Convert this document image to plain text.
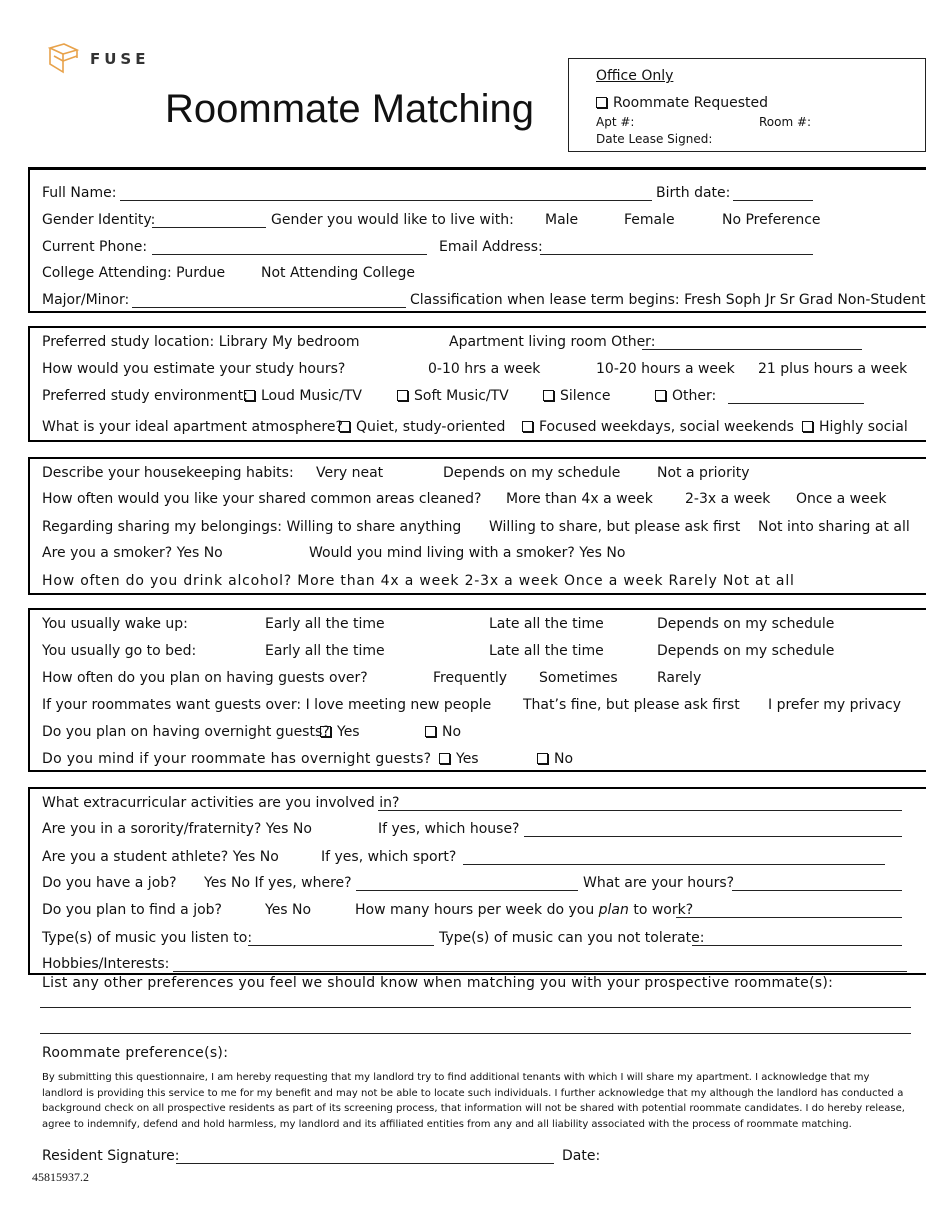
FUSE
Roommate Matching
Office Only
Roommate Requested
Apt #:	Room #:
Date Lease Signed:
Full Name:	Birth date:
Gender Identity:	Gender you would like to live with: Male	Female	No Preference
Current Phone:	Email Address:
College Attending: Purdue	Not Attending College
Major/Minor:	Classification when lease term begins: Fresh Soph Jr Sr Grad Non-Student
Preferred study location: Library My bedroom	Apartment living room Other:
How would you estimate your study hours?	0-10 hrs a week	10-20 hours a week 21 plus hours a week
Preferred study environment: Loud Music/TV	Soft Music/TV	Silence	Other:
What is your ideal apartment atmosphere? Quiet, study-oriented	Focused weekdays, social weekends	Highly social
Describe your housekeeping habits: Very neat	Depends on my schedule	Not a priority
How often would you like your shared common areas cleaned? More than 4x a week 2-3x a week Once a week
Regarding sharing my belongings: Willing to share anything Willing to share, but please ask first Not into sharing at all
Are you a smoker? Yes No	Would you mind living with a smoker? Yes No
How often do you drink alcohol? More than 4x a week 2-3x a week Once a week Rarely Not at all
You usually wake up:	Early all the time	Late all the time	Depends on my schedule
You usually go to bed:	Early all the time	Late all the time	Depends on my schedule
How often do you plan on having guests over?	Frequently Sometimes	Rarely
If your roommates want guests over: I love meeting new people That’s fine, but please ask first I prefer my privacy
Do you plan on having overnight guests? Yes	No
Do you mind if your roommate has overnight guests?	Yes	No
What extracurricular activities are you involved in?
Are you in a sorority/fraternity? Yes No	If yes, which house?
Are you a student athlete? Yes No	If yes, which sport?
Do you have a job? Yes No If yes, where?	What are your hours?
Do you plan to find a job?	Yes No	How many hours per week do you plan to work?
Type(s) of music you listen to:	Type(s) of music can you not tolerate:
Hobbies/Interests:
List any other preferences you feel we should know when matching you with your prospective roommate(s):
Roommate preference(s):
By submitting this questionnaire, I am hereby requesting that my landlord try to find additional tenants with which I will share my apartment. I acknowledge that my landlord is providing this service to me for my benefit and may not be able to locate such individuals. I further acknowledge that my although the landlord has conducted a background check on all prospective residents as part of its screening process, that information will not be shared with potential roommate candidates. I do hereby release, agree to indemnify, defend and hold harmless, my landlord and its affiliated entities from any and all liability associated with the process of roommate matching.
Resident Signature:	Date:
45815937.2
